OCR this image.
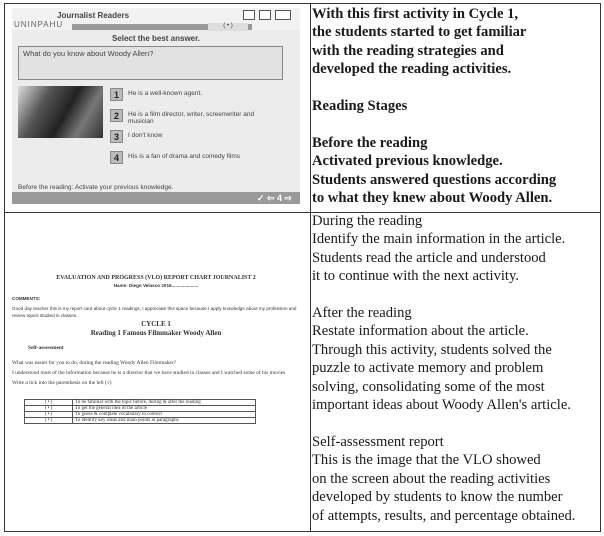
Journalist Readers
UNINPAHU	( • )
Select the best answer.
What do you know about Woody Allen?
1	He is a well-known agent.
2	He is a film director, writer, screenwriter and musician
3	I don't know
4	His is a fan of drama and comedy films
Before the reading: Activate your previous knowledge.
✓ ⇦ 4 ⇨
EVALUATION AND PROGRESS (VLO) REPORT CHART JOURNALIST 2
Name: Diego Velasco 2016.....................

COMMENTS:

Good day teacher this is my report card about cycle 1 readings, I appreciate this space because I apply knowledge about my profession and review topics studied in classes.

CYCLE 1
Reading 1 Famous Filmmaker Woody Allen

Self-assessment

What was easier for you to do, during the reading Woody Allen Filmmaker?

I understood most of the information because he is a director that we have studied in classes and I watched some of his movies

Write a tick into the parenthesis on the left (√)

( • )	To be familiar with the topic before, during & after the reading
( • )	To get the general idea of the article
( • )	To guess & complete vocabulary in context
( • )	To identify key ideas and main points in paragraphs
With this first activity in Cycle 1,
the students started to get familiar
with the reading strategies and
developed the reading activities.

Reading Stages

Before the reading
Activated previous knowledge.
Students answered questions according
to what they knew about Woody Allen.
During the reading
Identify the main information in the article.
Students read the article and understood
it to continue with the next activity.

After the reading
Restate information about the article.
Through this activity, students solved the
puzzle to activate memory and problem
solving, consolidating some of the most
important ideas about Woody Allen's article.

Self-assessment report
This is the image that the VLO showed
on the screen about the reading activities
developed by students to know the number
of attempts, results, and percentage obtained.
